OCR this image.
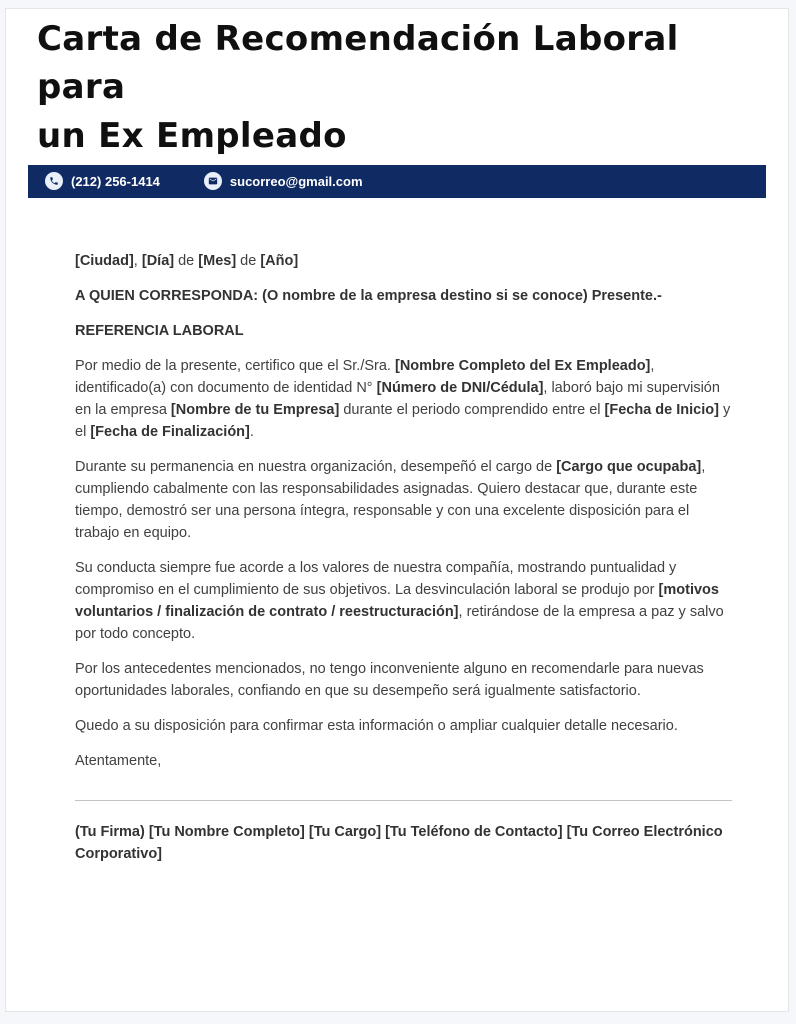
Carta de Recomendación Laboral para
un Ex Empleado
(212) 256-1414	sucorreo@gmail.com

[Ciudad], [Día] de [Mes] de [Año]

A QUIEN CORRESPONDA: (O nombre de la empresa destino si se conoce) Presente.-

REFERENCIA LABORAL

Por medio de la presente, certifico que el Sr./Sra. [Nombre Completo del Ex Empleado], identificado(a) con documento de identidad N° [Número de DNI/Cédula], laboró bajo mi supervisión en la empresa [Nombre de tu Empresa] durante el periodo comprendido entre el [Fecha de Inicio] y el [Fecha de Finalización].

Durante su permanencia en nuestra organización, desempeñó el cargo de [Cargo que ocupaba], cumpliendo cabalmente con las responsabilidades asignadas. Quiero destacar que, durante este tiempo, demostró ser una persona íntegra, responsable y con una excelente disposición para el trabajo en equipo.

Su conducta siempre fue acorde a los valores de nuestra compañía, mostrando puntualidad y compromiso en el cumplimiento de sus objetivos. La desvinculación laboral se produjo por [motivos voluntarios / finalización de contrato / reestructuración], retirándose de la empresa a paz y salvo por todo concepto.

Por los antecedentes mencionados, no tengo inconveniente alguno en recomendarle para nuevas oportunidades laborales, confiando en que su desempeño será igualmente satisfactorio.

Quedo a su disposición para confirmar esta información o ampliar cualquier detalle necesario.

Atentamente,

(Tu Firma) [Tu Nombre Completo] [Tu Cargo] [Tu Teléfono de Contacto] [Tu Correo Electrónico Corporativo]
